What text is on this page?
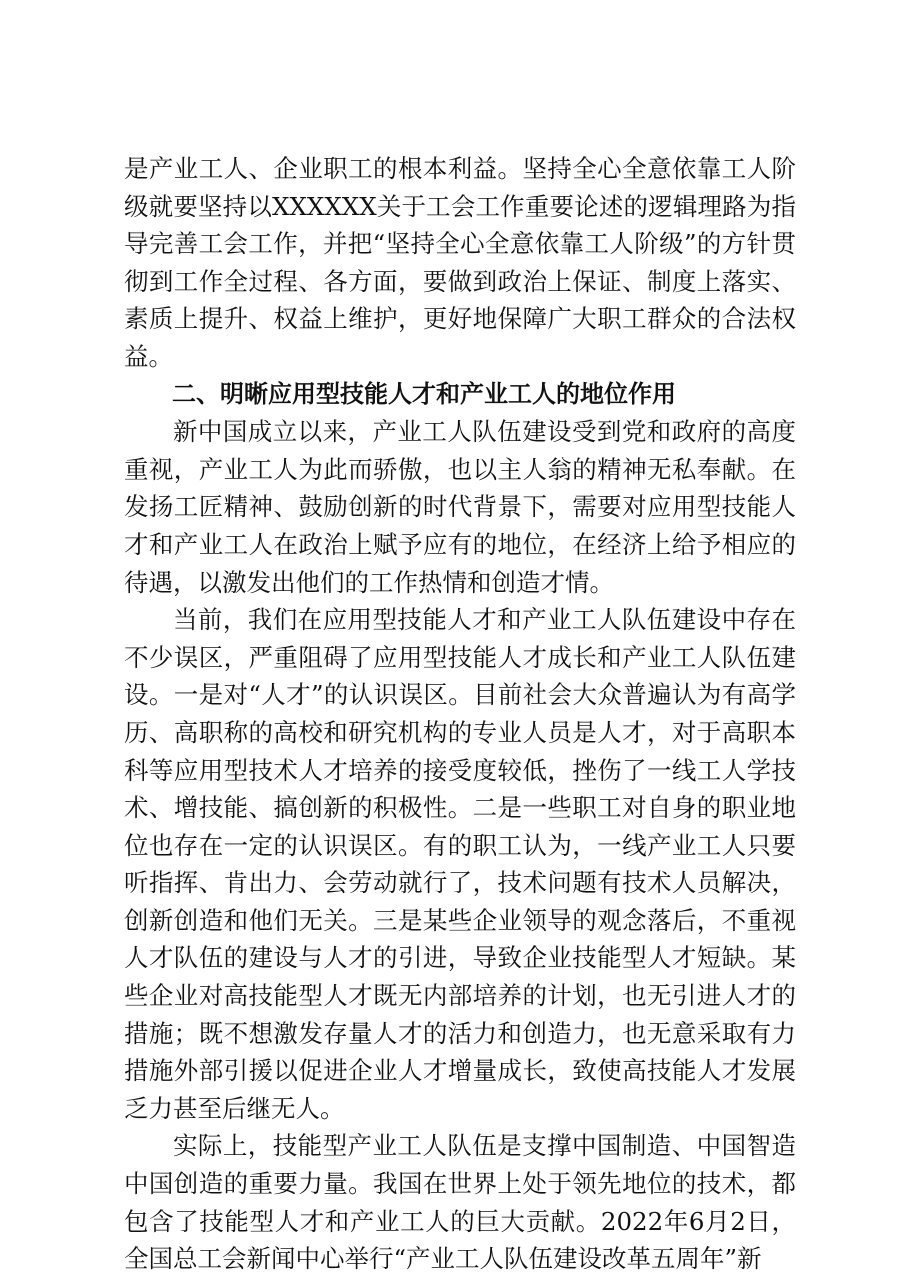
是产业工人、企业职工的根本利益。坚持全心全意依靠工人阶级就要坚持以XXXXXX关于工会工作重要论述的逻辑理路为指导完善工会工作，并把“坚持全心全意依靠工人阶级”的方针贯彻到工作全过程、各方面，要做到政治上保证、制度上落实、素质上提升、权益上维护，更好地保障广大职工群众的合法权益。

二、明晰应用型技能人才和产业工人的地位作用

新中国成立以来，产业工人队伍建设受到党和政府的高度重视，产业工人为此而骄傲，也以主人翁的精神无私奉献。在发扬工匠精神、鼓励创新的时代背景下，需要对应用型技能人才和产业工人在政治上赋予应有的地位，在经济上给予相应的待遇，以激发出他们的工作热情和创造才情。

当前，我们在应用型技能人才和产业工人队伍建设中存在不少误区，严重阻碍了应用型技能人才成长和产业工人队伍建设。一是对“人才”的认识误区。目前社会大众普遍认为有高学历、高职称的高校和研究机构的专业人员是人才，对于高职本科等应用型技术人才培养的接受度较低，挫伤了一线工人学技术、增技能、搞创新的积极性。二是一些职工对自身的职业地位也存在一定的认识误区。有的职工认为，一线产业工人只要听指挥、肯出力、会劳动就行了，技术问题有技术人员解决，创新创造和他们无关。三是某些企业领导的观念落后，不重视人才队伍的建设与人才的引进，导致企业技能型人才短缺。某些企业对高技能型人才既无内部培养的计划，也无引进人才的措施；既不想激发存量人才的活力和创造力，也无意采取有力措施外部引援以促进企业人才增量成长，致使高技能人才发展乏力甚至后继无人。

实际上，技能型产业工人队伍是支撑中国制造、中国智造中国创造的重要力量。我国在世界上处于领先地位的技术，都包含了技能型人才和产业工人的巨大贡献。2022年6月2日，全国总工会新闻中心举行“产业工人队伍建设改革五周年”新
